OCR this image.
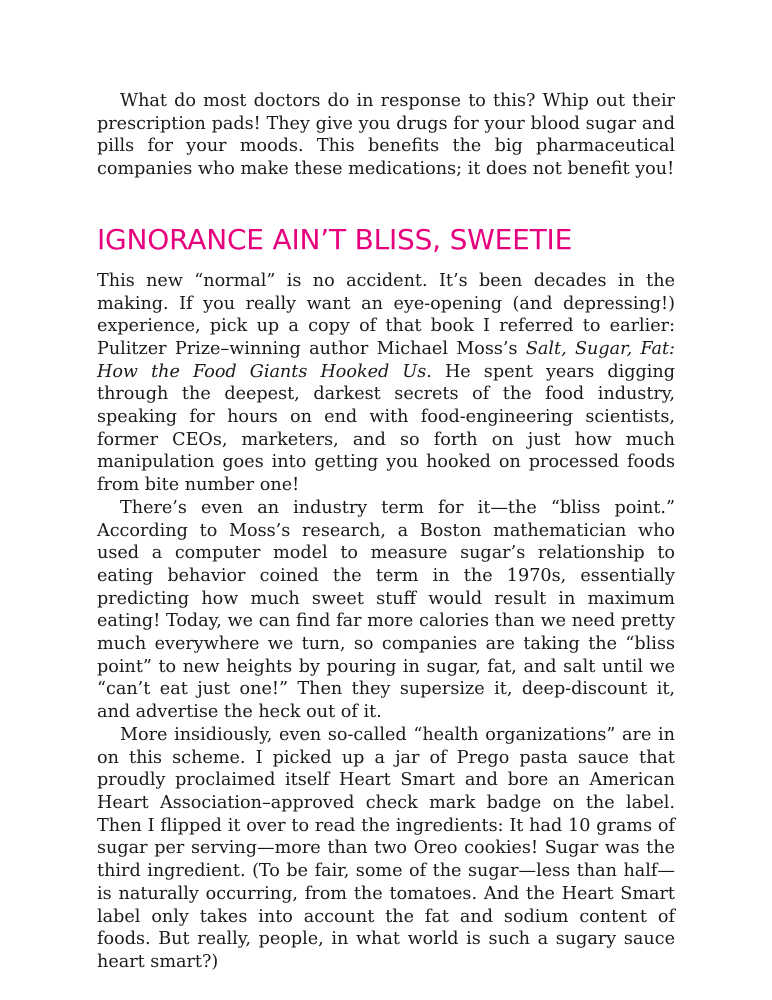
What do most doctors do in response to this? Whip out their prescription pads! They give you drugs for your blood sugar and pills for your moods. This benefits the big pharmaceutical companies who make these medications; it does not benefit you!

IGNORANCE AIN’T BLISS, SWEETIE

This new “normal” is no accident. It’s been decades in the making. If you really want an eye-opening (and depressing!) experience, pick up a copy of that book I referred to earlier: Pulitzer Prize–winning author Michael Moss’s Salt, Sugar, Fat: How the Food Giants Hooked Us. He spent years digging through the deepest, darkest secrets of the food industry, speaking for hours on end with food-engineering scientists, former CEOs, marketers, and so forth on just how much manipulation goes into getting you hooked on processed foods from bite number one!

There’s even an industry term for it—the “bliss point.” According to Moss’s research, a Boston mathematician who used a computer model to measure sugar’s relationship to eating behavior coined the term in the 1970s, essentially predicting how much sweet stuff would result in maximum eating! Today, we can find far more calories than we need pretty much everywhere we turn, so companies are taking the “bliss point” to new heights by pouring in sugar, fat, and salt until we “can’t eat just one!” Then they supersize it, deep-discount it, and advertise the heck out of it.

More insidiously, even so-called “health organizations” are in on this scheme. I picked up a jar of Prego pasta sauce that proudly proclaimed itself Heart Smart and bore an American Heart Association–approved check mark badge on the label. Then I flipped it over to read the ingredients: It had 10 grams of sugar per serving—more than two Oreo cookies! Sugar was the third ingredient. (To be fair, some of the sugar—less than half—is naturally occurring, from the tomatoes. And the Heart Smart label only takes into account the fat and sodium content of foods. But really, people, in what world is such a sugary sauce heart smart?)
